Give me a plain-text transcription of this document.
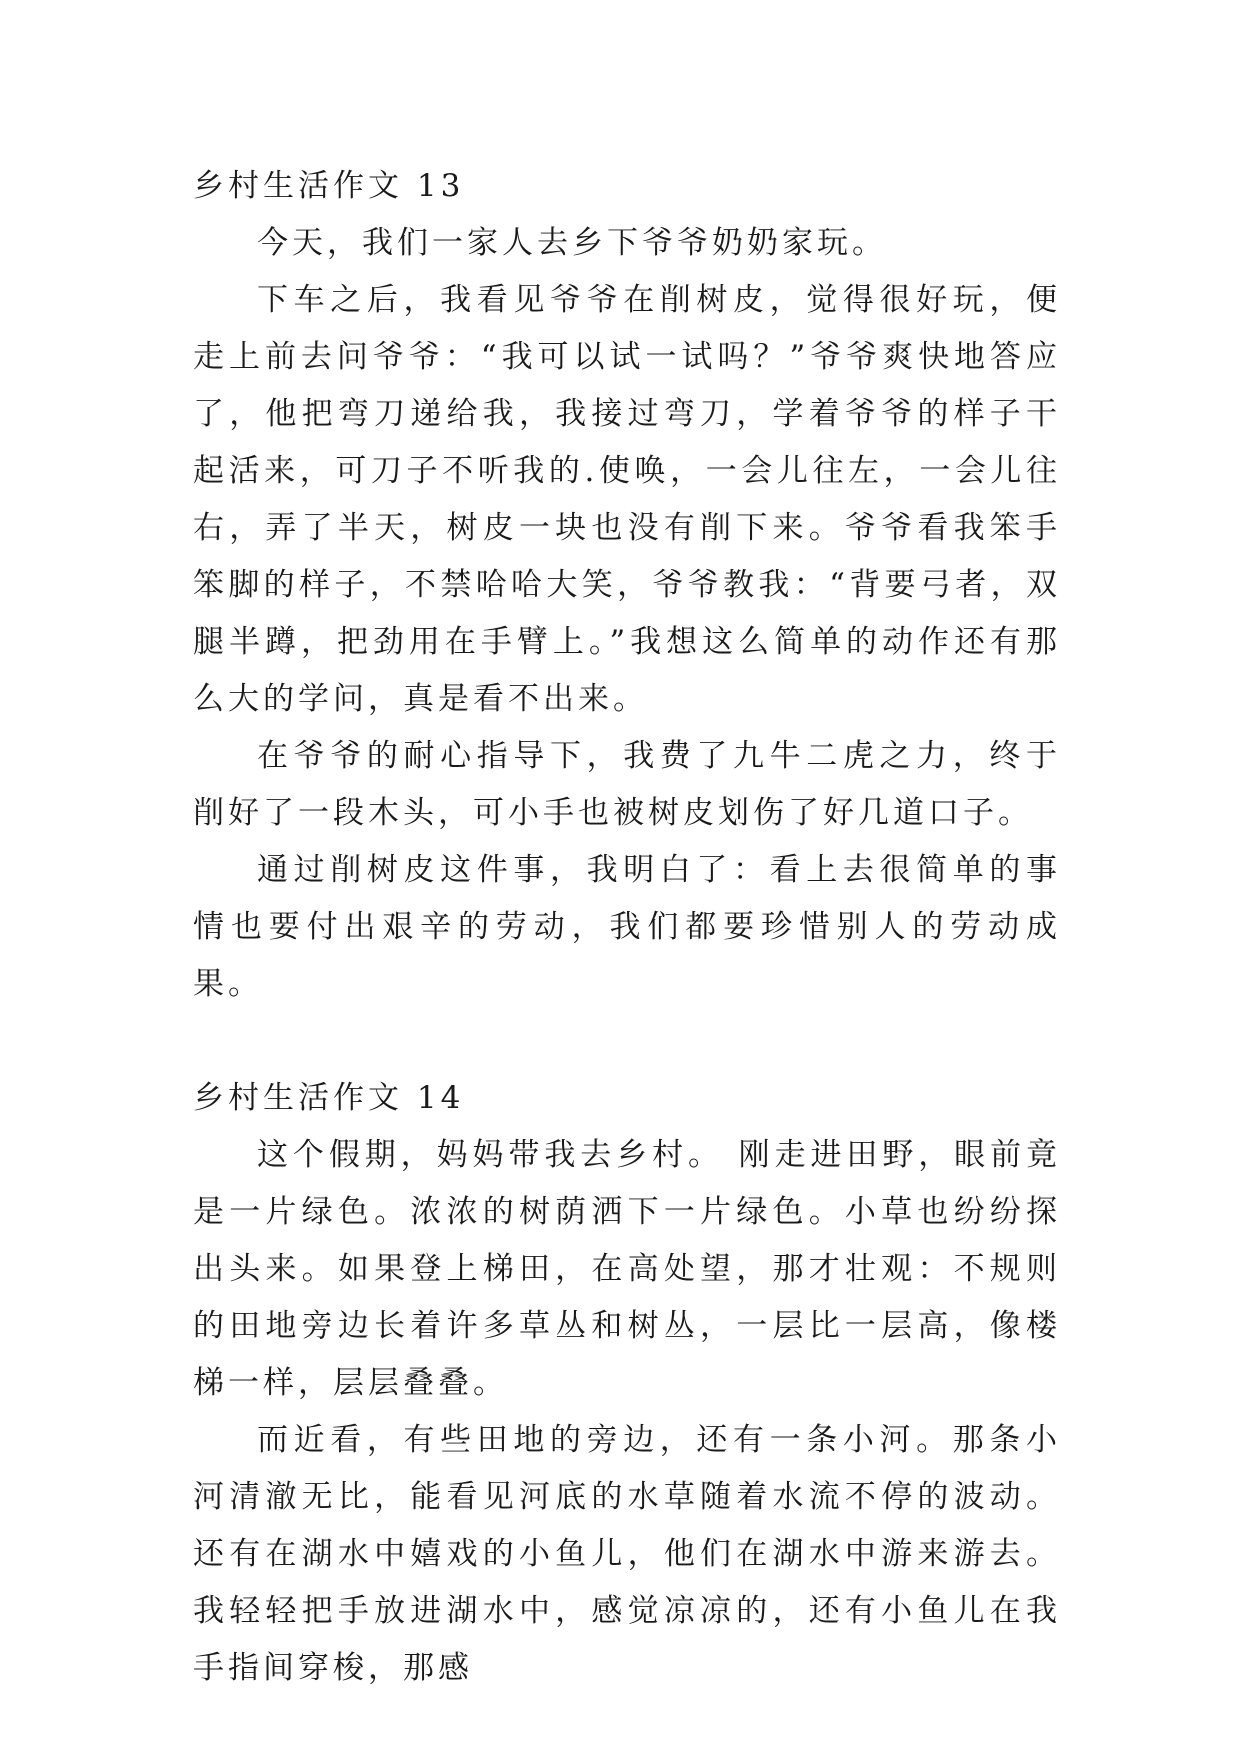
乡村生活作文 13

今天，我们一家人去乡下爷爷奶奶家玩。

下车之后，我看见爷爷在削树皮，觉得很好玩，便走上前去问爷爷：“我可以试一试吗？”爷爷爽快地答应了，他把弯刀递给我，我接过弯刀，学着爷爷的样子干起活来，可刀子不听我的.使唤，一会儿往左，一会儿往右，弄了半天，树皮一块也没有削下来。爷爷看我笨手笨脚的样子，不禁哈哈大笑，爷爷教我：“背要弓者，双腿半蹲，把劲用在手臂上。”我想这么简单的动作还有那么大的学问，真是看不出来。

在爷爷的耐心指导下，我费了九牛二虎之力，终于削好了一段木头，可小手也被树皮划伤了好几道口子。

通过削树皮这件事，我明白了：看上去很简单的事情也要付出艰辛的劳动，我们都要珍惜别人的劳动成果。

乡村生活作文 14

这个假期，妈妈带我去乡村。 刚走进田野，眼前竟是一片绿色。浓浓的树荫洒下一片绿色。小草也纷纷探出头来。如果登上梯田，在高处望，那才壮观：不规则的田地旁边长着许多草丛和树丛，一层比一层高，像楼梯一样，层层叠叠。

而近看，有些田地的旁边，还有一条小河。那条小河清澈无比，能看见河底的水草随着水流不停的波动。还有在湖水中嬉戏的小鱼儿，他们在湖水中游来游去。我轻轻把手放进湖水中，感觉凉凉的，还有小鱼儿在我手指间穿梭，那感
